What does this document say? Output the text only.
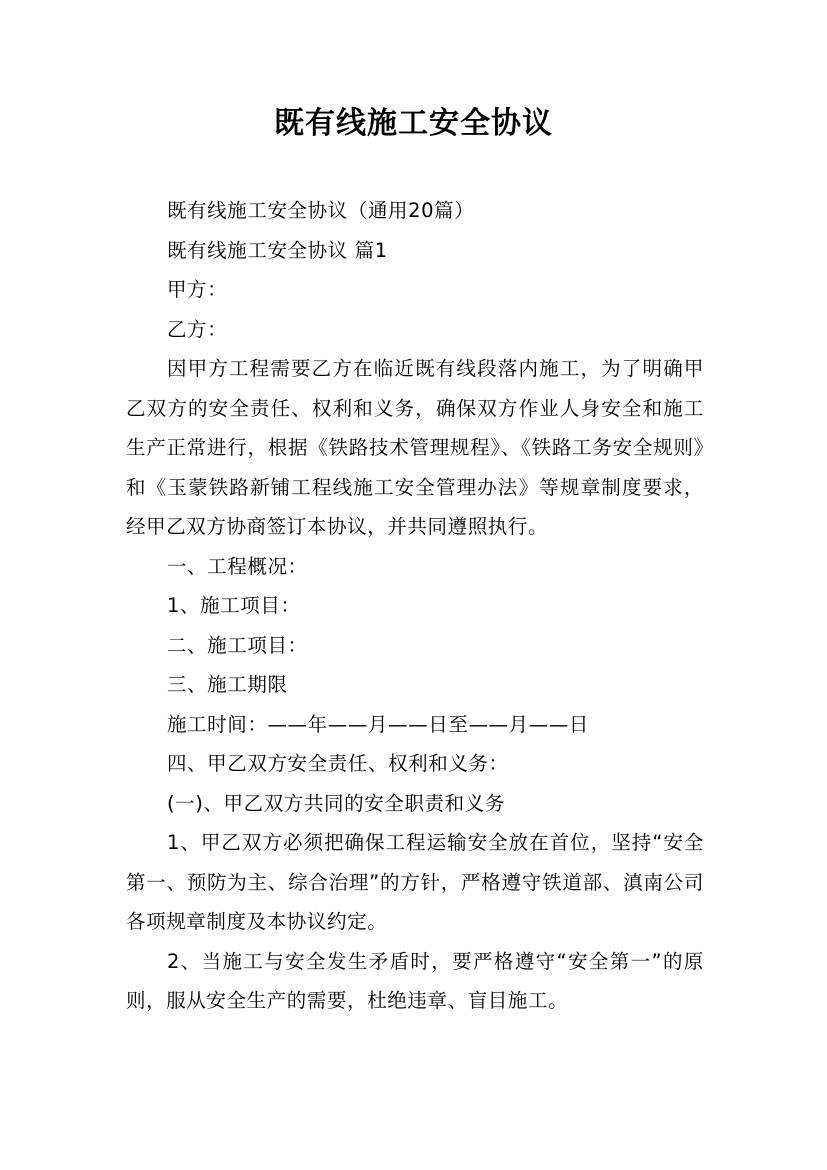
既有线施工安全协议

既有线施工安全协议（通用20篇）

既有线施工安全协议 篇1

甲方：

乙方：

因甲方工程需要乙方在临近既有线段落内施工，为了明确甲乙双方的安全责任、权利和义务，确保双方作业人身安全和施工生产正常进行，根据《铁路技术管理规程》、《铁路工务安全规则》和《玉蒙铁路新铺工程线施工安全管理办法》等规章制度要求，经甲乙双方协商签订本协议，并共同遵照执行。

一、工程概况：

1、施工项目：

二、施工项目：

三、施工期限

施工时间：——年——月——日至——月——日

四、甲乙双方安全责任、权利和义务：

(一)、甲乙双方共同的安全职责和义务

1、甲乙双方必须把确保工程运输安全放在首位，坚持“安全第一、预防为主、综合治理”的方针，严格遵守铁道部、滇南公司各项规章制度及本协议约定。

2、当施工与安全发生矛盾时，要严格遵守“安全第一”的原则，服从安全生产的需要，杜绝违章、盲目施工。
